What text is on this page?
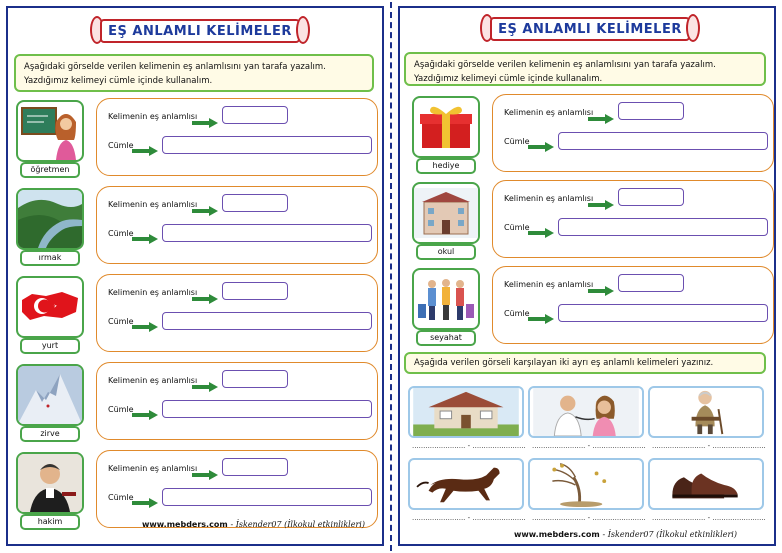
EŞ ANLAMLI KELİMELER
Aşağıdaki görselde verilen kelimenin eş anlamlısını yan tarafa yazalım. Yazdığımız kelimeyi cümle içinde kullanalım.
EŞ ANLAMLI KELİMELER
Aşağıdaki görselde verilen kelimenin eş anlamlısını yan tarafa yazalım. Yazdığımız kelimeyi cümle içinde kullanalım.
Aşağıda verilen görseli karşılayan iki ayrı eş anlamlı kelimeleri yazınız.
öğretmen
Kelimenin eş anlamlısı
Cümle
ırmak
Kelimenin eş anlamlısı
Cümle
yurt
Kelimenin eş anlamlısı
Cümle
zirve
Kelimenin eş anlamlısı
Cümle
hakim
Kelimenin eş anlamlısı
Cümle
hediye
Kelimenin eş anlamlısı
Cümle
okul
Kelimenin eş anlamlısı
Cümle
seyahat
Kelimenin eş anlamlısı
Cümle
........................ - ........................ ........................ - ........................ ........................ - ........................
........................ - ........................ ........................ - ........................ ........................ - ........................
www.mebders.com - İskender07 (İlkokul etkinlikleri)
www.mebders.com - İskender07 (İlkokul etkinlikleri)
